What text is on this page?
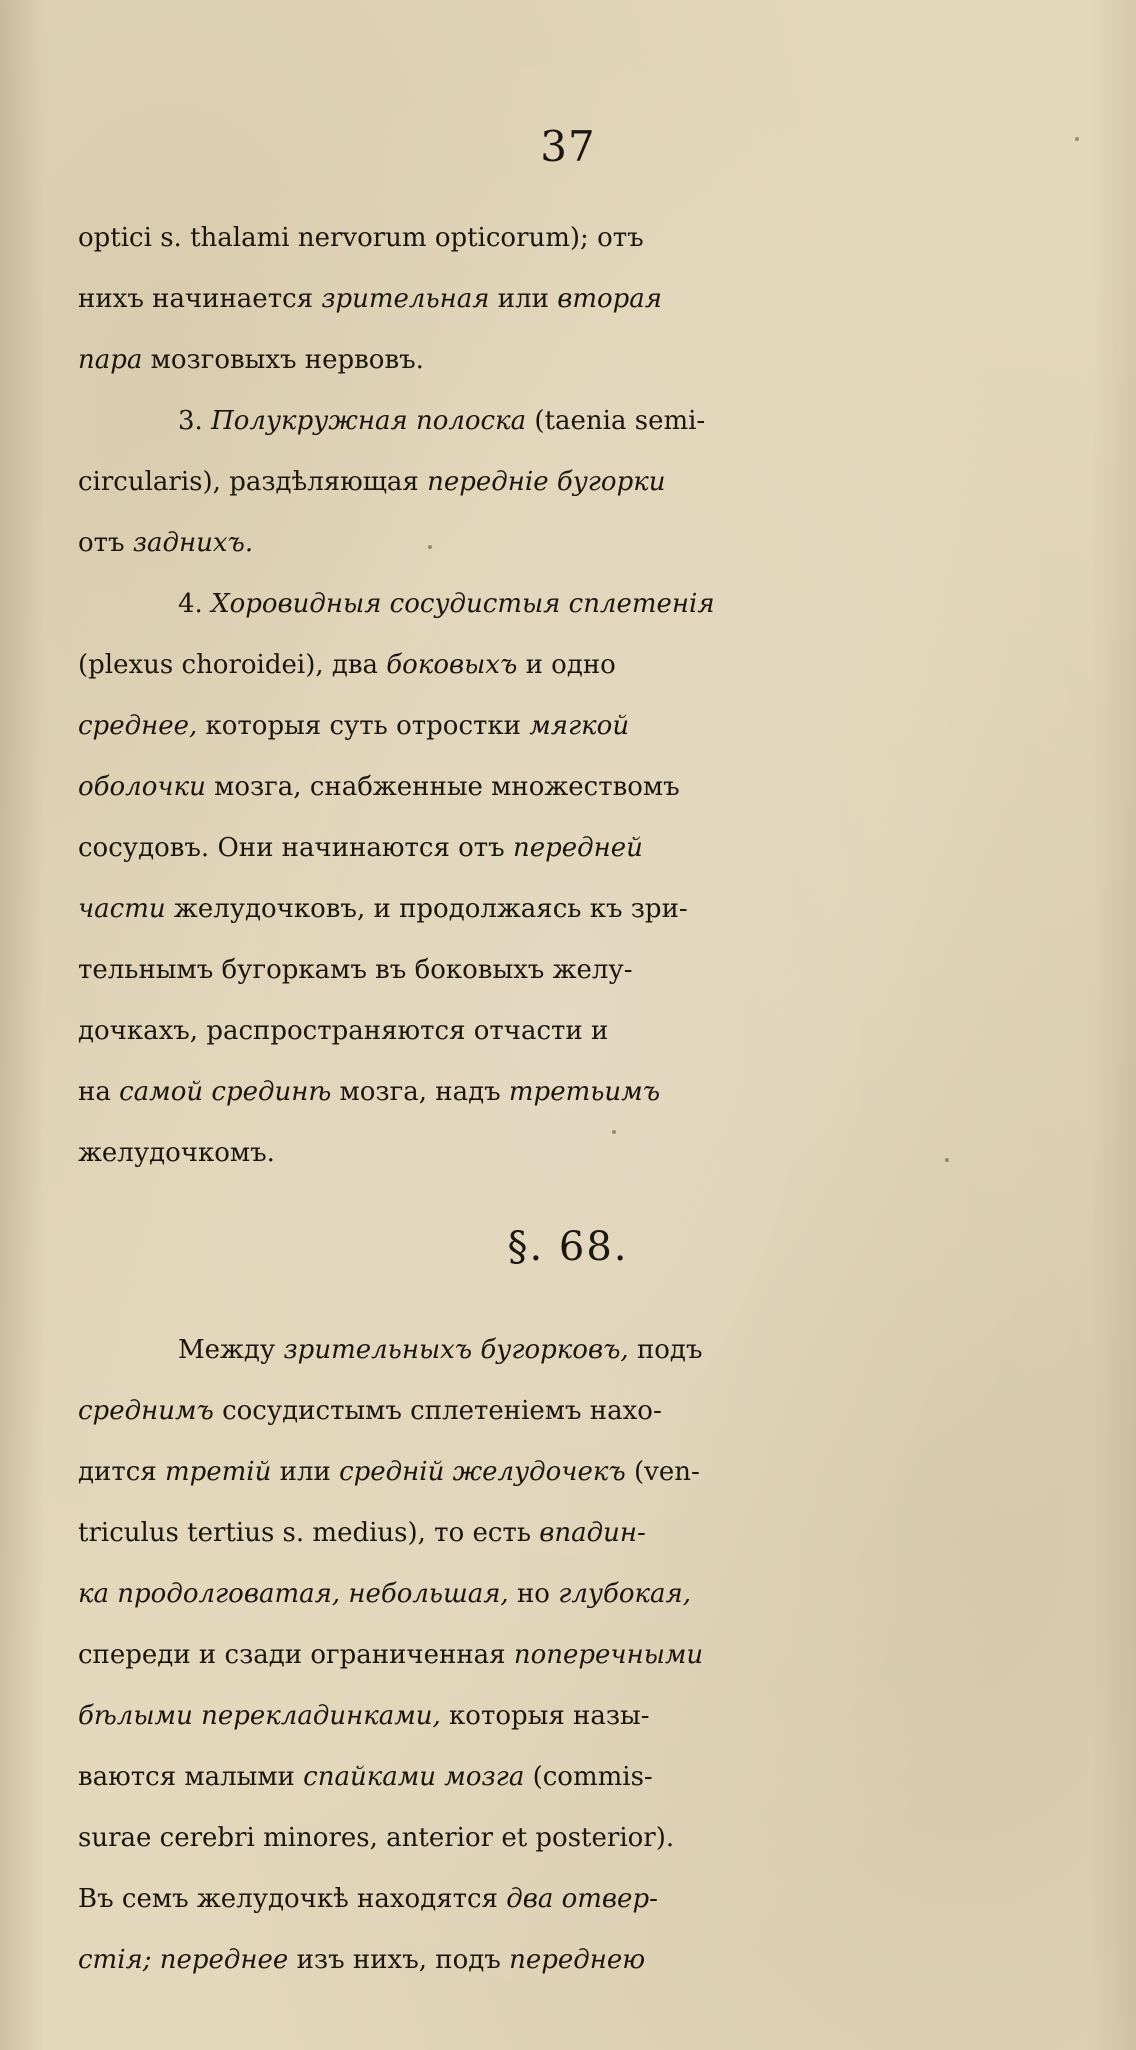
37
optici s. thalami nervorum opticorum); отъ
нихъ начинается зрительная или вторая
пара мозговыхъ нервовъ.
3. Полукружная полоска (taenia semi-
circularis), раздѣляющая передніе бугорки
отъ заднихъ.
4. Хоровидныя сосудистыя сплетенія
(plexus choroidei), два боковыхъ и одно
среднее, которыя суть отростки мягкой
оболочки мозга, снабженные множествомъ
сосудовъ. Они начинаются отъ передней
части желудочковъ, и продолжаясь къ зри-
тельнымъ бугоркамъ въ боковыхъ желу-
дочкахъ, распространяются отчасти и
на самой срединѣ мозга, надъ третьимъ
желудочкомъ.
§. 68.
Между зрительныхъ бугорковъ, подъ
среднимъ сосудистымъ сплетеніемъ нахо-
дится третій или средній желудочекъ (ven-
triculus tertius s. medius), то есть впадин-
ка продолговатая, небольшая, но глубокая,
спереди и сзади ограниченная поперечными
бѣлыми перекладинками, которыя назы-
ваются малыми спайками мозга (commis-
surae cerebri minores, anterior et posterior).
Въ семъ желудочкѣ находятся два отвер-
стія; переднее изъ нихъ, подъ переднею
